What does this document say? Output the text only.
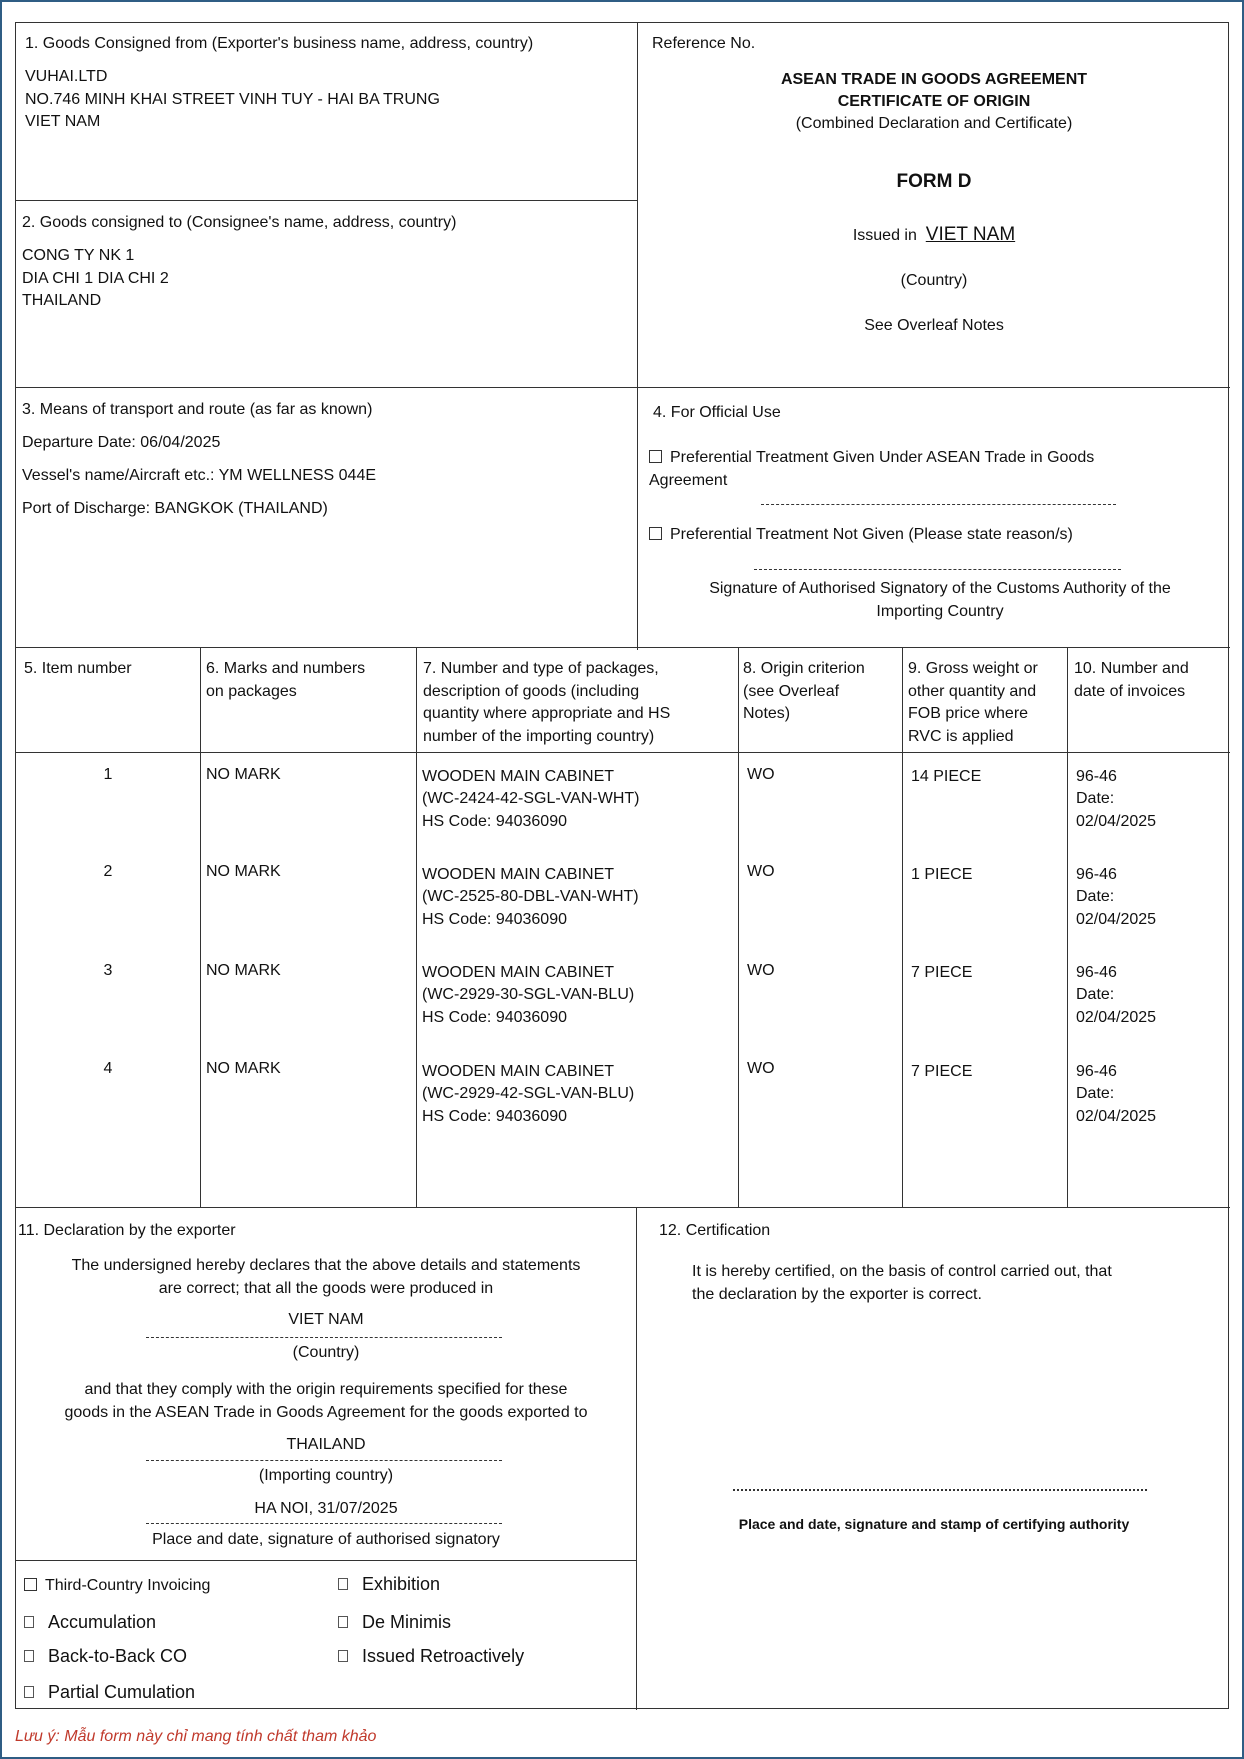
1. Goods Consigned from (Exporter's business name, address, country)
VUHAI.LTD
NO.746 MINH KHAI STREET VINH TUY - HAI BA TRUNG
VIET NAM
2. Goods consigned to (Consignee's name, address, country)
CONG TY NK 1
DIA CHI 1 DIA CHI 2
THAILAND
Reference No.
ASEAN TRADE IN GOODS AGREEMENT
CERTIFICATE OF ORIGIN
(Combined Declaration and Certificate)
FORM D
Issued in VIET NAM
(Country)
See Overleaf Notes
3. Means of transport and route (as far as known)
Departure Date: 06/04/2025
Vessel's name/Aircraft etc.: YM WELLNESS 044E
Port of Discharge: BANGKOK (THAILAND)
4. For Official Use
Preferential Treatment Given Under ASEAN Trade in Goods
Agreement
Preferential Treatment Not Given (Please state reason/s)
Signature of Authorised Signatory of the Customs Authority of the
Importing Country
5. Item number	6. Marks and numbers
on packages
7. Number and type of packages,
description of goods (including
quantity where appropriate and HS
number of the importing country)
8. Origin criterion
(see Overleaf
Notes)
9. Gross weight or
other quantity and
FOB price where
RVC is applied
10. Number and
date of invoices
1	NO MARK	WOODEN MAIN CABINET
(WC-2424-42-SGL-VAN-WHT)
HS Code: 94036090
WO	14 PIECE	96-46
Date:
02/04/2025
2	NO MARK	WOODEN MAIN CABINET
(WC-2525-80-DBL-VAN-WHT)
HS Code: 94036090
WO	1 PIECE	96-46
Date:
02/04/2025
3	NO MARK	WOODEN MAIN CABINET
(WC-2929-30-SGL-VAN-BLU)
HS Code: 94036090
WO	7 PIECE	96-46
Date:
02/04/2025
4	NO MARK	WOODEN MAIN CABINET
(WC-2929-42-SGL-VAN-BLU)
HS Code: 94036090
WO	7 PIECE	96-46
Date:
02/04/2025
11. Declaration by the exporter
The undersigned hereby declares that the above details and statements
are correct; that all the goods were produced in
VIET NAM
(Country)
and that they comply with the origin requirements specified for these
goods in the ASEAN Trade in Goods Agreement for the goods exported to
THAILAND
(Importing country)
HA NOI, 31/07/2025
Place and date, signature of authorised signatory
Third-Country Invoicing	Exhibition
Accumulation	De Minimis
Back-to-Back CO	Issued Retroactively
Partial Cumulation
12. Certification
It is hereby certified, on the basis of control carried out, that
the declaration by the exporter is correct.
Place and date, signature and stamp of certifying authority
Lưu ý: Mẫu form này chỉ mang tính chất tham khảo
